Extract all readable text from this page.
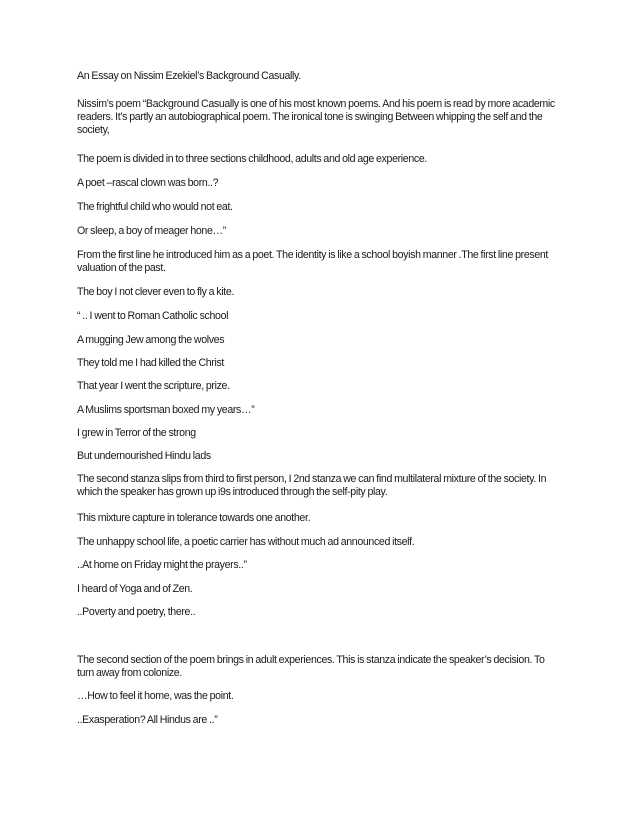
An Essay on Nissim Ezekiel’s Background Casually.

Nissim’s poem “Background Casually is one of his most known poems. And his poem is read by more academic readers. It’s partly an autobiographical poem. The ironical tone is swinging Between whipping the self and the society,

The poem is divided in to three sections childhood, adults and old age experience.

A poet –rascal clown was born..?

The frightful child who would not eat.

Or sleep, a boy of meager hone…”

From the first line he introduced him as a poet. The identity is like a school boyish manner .The first line present valuation of the past.

The boy I not clever even to fly a kite.

“ .. I went to Roman Catholic school

A mugging Jew among the wolves

They told me I had killed the Christ

That year I went the scripture, prize.

A Muslims sportsman boxed my years…”

I grew in Terror of the strong

But undernourished Hindu lads

The second stanza slips from third to first person, I 2nd stanza we can find multilateral mixture of the society. In which the speaker has grown up i9s introduced through the self-pity play.

This mixture capture in tolerance towards one another.

The unhappy school life, a poetic carrier has without much ad announced itself.

..At home on Friday might the prayers..”

I heard of Yoga and of Zen.

..Poverty and poetry, there..

The second section of the poem brings in adult experiences. This is stanza indicate the speaker’s decision. To turn away from colonize.

…How to feel it home, was the point.

..Exasperation? All Hindus are ..”
